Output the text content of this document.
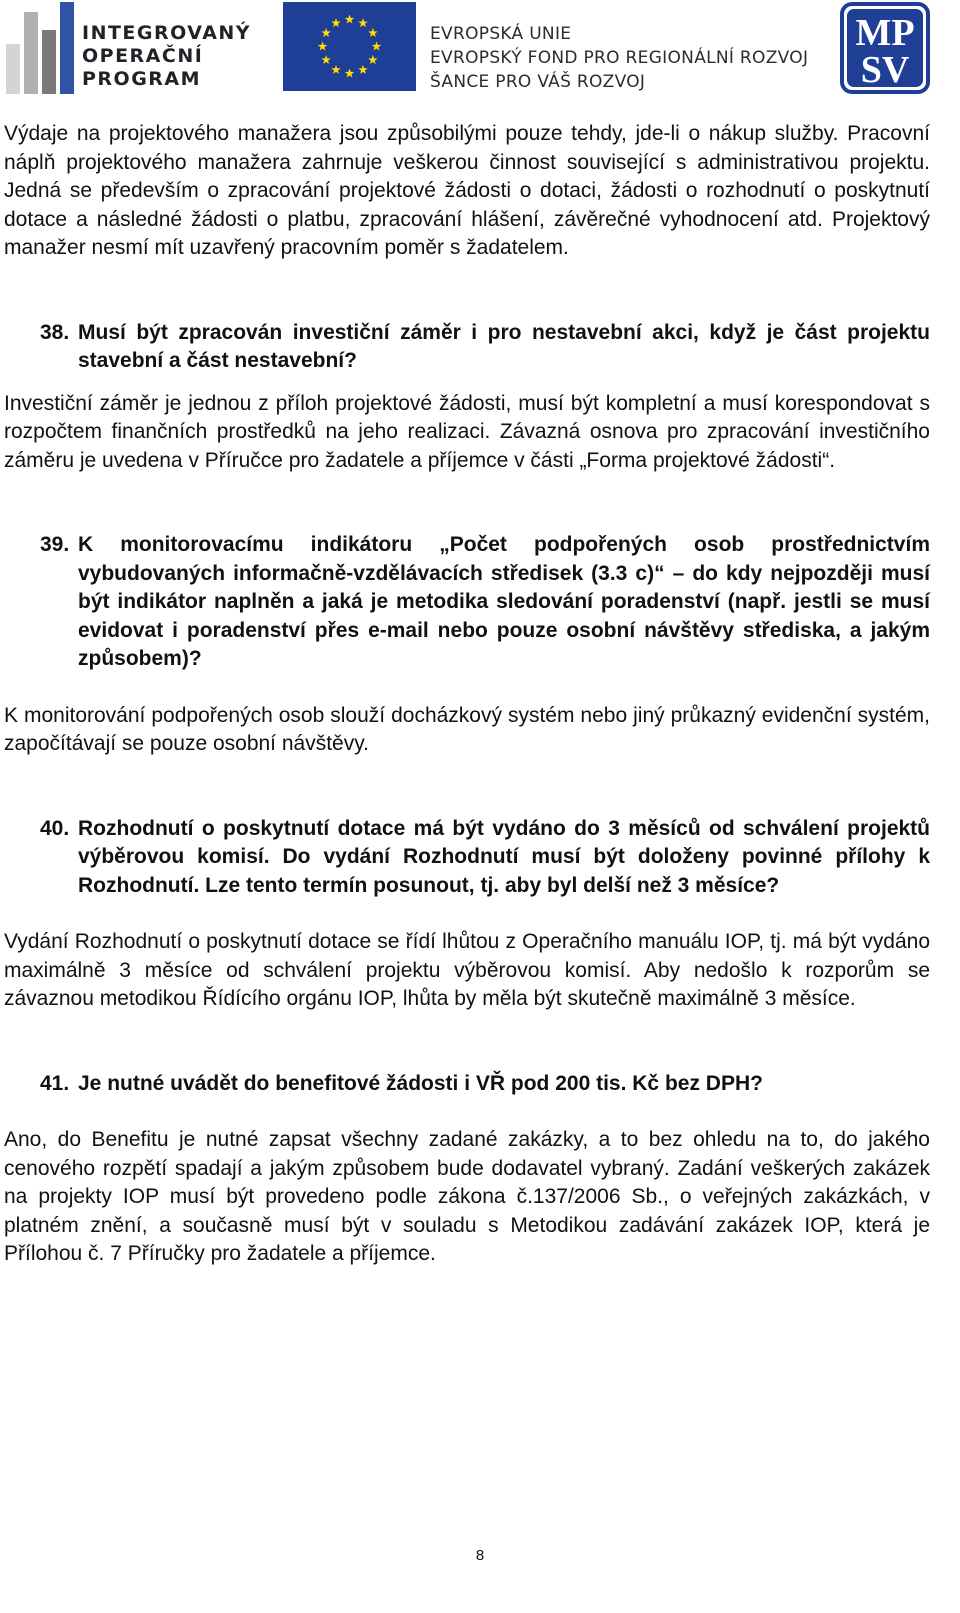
INTEGROVANÝ
OPERAČNÍ
PROGRAM
EVROPSKÁ UNIE
EVROPSKÝ FOND PRO REGIONÁLNÍ ROZVOJ
ŠANCE PRO VÁŠ ROZVOJ
MP
SV

Výdaje na projektového manažera jsou způsobilými pouze tehdy, jde-li o nákup služby. Pracovní náplň projektového manažera zahrnuje veškerou činnost související s administrativou projektu. Jedná se především o zpracování projektové žádosti o dotaci, žádosti o rozhodnutí o poskytnutí dotace a následné žádosti o platbu, zpracování hlášení, závěrečné vyhodnocení atd. Projektový manažer nesmí mít uzavřený pracovním poměr s žadatelem.

38. Musí být zpracován investiční záměr i pro nestavební akci, když je část projektu stavební a část nestavební?

Investiční záměr je jednou z příloh projektové žádosti, musí být kompletní a musí korespondovat s rozpočtem finančních prostředků na jeho realizaci. Závazná osnova pro zpracování investičního záměru je uvedena v Příručce pro žadatele a příjemce v části „Forma projektové žádosti“.

39. K monitorovacímu indikátoru „Počet podpořených osob prostřednictvím vybudovaných informačně-vzdělávacích středisek (3.3 c)“ – do kdy nejpozději musí být indikátor naplněn a jaká je metodika sledování poradenství (např. jestli se musí evidovat i poradenství přes e-mail nebo pouze osobní návštěvy střediska, a jakým způsobem)?

K monitorování podpořených osob slouží docházkový systém nebo jiný průkazný evidenční systém, započítávají se pouze osobní návštěvy.

40. Rozhodnutí o poskytnutí dotace má být vydáno do 3 měsíců od schválení projektů výběrovou komisí. Do vydání Rozhodnutí musí být doloženy povinné přílohy k Rozhodnutí. Lze tento termín posunout, tj. aby byl delší než 3 měsíce?

Vydání Rozhodnutí o poskytnutí dotace se řídí lhůtou z Operačního manuálu IOP, tj. má být vydáno maximálně 3 měsíce od schválení projektu výběrovou komisí. Aby nedošlo k rozporům se závaznou metodikou Řídícího orgánu IOP, lhůta by měla být skutečně maximálně 3 měsíce.

41. Je nutné uvádět do benefitové žádosti i VŘ pod 200 tis. Kč bez DPH?

Ano, do Benefitu je nutné zapsat všechny zadané zakázky, a to bez ohledu na to, do jakého cenového rozpětí spadají a jakým způsobem bude dodavatel vybraný. Zadání veškerých zakázek na projekty IOP musí být provedeno podle zákona č.137/2006 Sb., o veřejných zakázkách, v platném znění, a současně musí být v souladu s Metodikou zadávání zakázek IOP, která je Přílohou č. 7 Příručky pro žadatele a příjemce.

8
